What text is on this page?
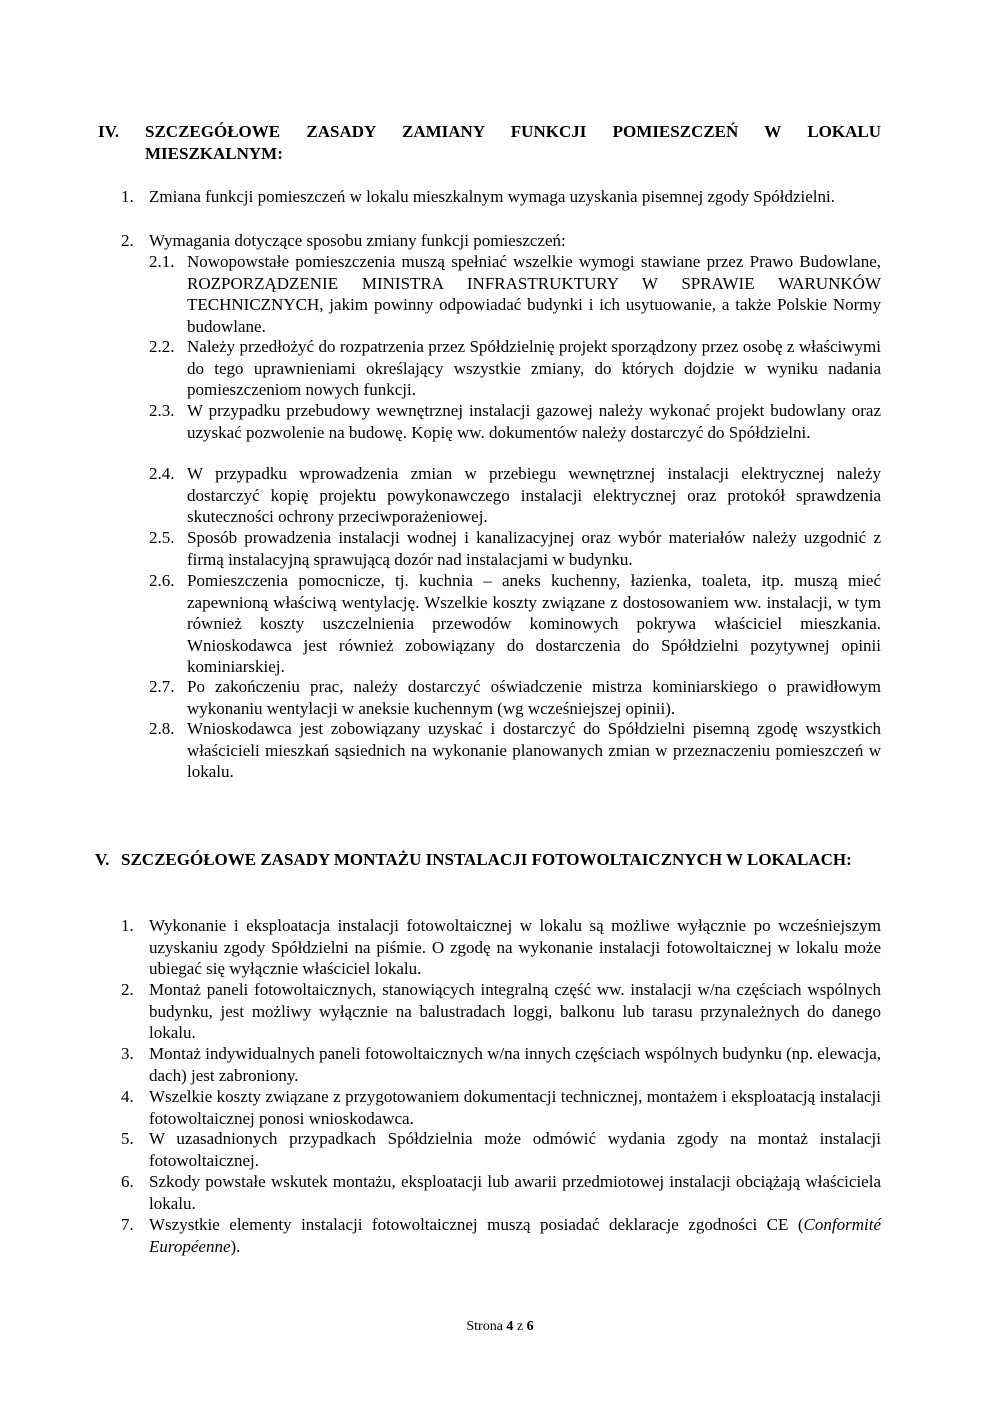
IV. SZCZEGÓŁOWE ZASADY ZAMIANY FUNKCJI POMIESZCZEŃ W LOKALU MIESZKALNYM:
1. Zmiana funkcji pomieszczeń w lokalu mieszkalnym wymaga uzyskania pisemnej zgody Spółdzielni.
2. Wymagania dotyczące sposobu zmiany funkcji pomieszczeń:
2.1. Nowopowstałe pomieszczenia muszą spełniać wszelkie wymogi stawiane przez Prawo Budowlane, ROZPORZĄDZENIE MINISTRA INFRASTRUKTURY W SPRAWIE WARUNKÓW TECHNICZNYCH, jakim powinny odpowiadać budynki i ich usytuowanie, a także Polskie Normy budowlane.
2.2. Należy przedłożyć do rozpatrzenia przez Spółdzielnię projekt sporządzony przez osobę z właściwymi do tego uprawnieniami określający wszystkie zmiany, do których dojdzie w wyniku nadania pomieszczeniom nowych funkcji.
2.3. W przypadku przebudowy wewnętrznej instalacji gazowej należy wykonać projekt budowlany oraz uzyskać pozwolenie na budowę. Kopię ww. dokumentów należy dostarczyć do Spółdzielni.
2.4. W przypadku wprowadzenia zmian w przebiegu wewnętrznej instalacji elektrycznej należy dostarczyć kopię projektu powykonawczego instalacji elektrycznej oraz protokół sprawdzenia skuteczności ochrony przeciwporażeniowej.
2.5. Sposób prowadzenia instalacji wodnej i kanalizacyjnej oraz wybór materiałów należy uzgodnić z firmą instalacyjną sprawującą dozór nad instalacjami w budynku.
2.6. Pomieszczenia pomocnicze, tj. kuchnia – aneks kuchenny, łazienka, toaleta, itp. muszą mieć zapewnioną właściwą wentylację. Wszelkie koszty związane z dostosowaniem ww. instalacji, w tym również koszty uszczelnienia przewodów kominowych pokrywa właściciel mieszkania. Wnioskodawca jest również zobowiązany do dostarczenia do Spółdzielni pozytywnej opinii kominiarskiej.
2.7. Po zakończeniu prac, należy dostarczyć oświadczenie mistrza kominiarskiego o prawidłowym wykonaniu wentylacji w aneksie kuchennym (wg wcześniejszej opinii).
2.8. Wnioskodawca jest zobowiązany uzyskać i dostarczyć do Spółdzielni pisemną zgodę wszystkich właścicieli mieszkań sąsiednich na wykonanie planowanych zmian w przeznaczeniu pomieszczeń w lokalu.
V. SZCZEGÓŁOWE ZASADY MONTAŻU INSTALACJI FOTOWOLTAICZNYCH W LOKALACH:
1. Wykonanie i eksploatacja instalacji fotowoltaicznej w lokalu są możliwe wyłącznie po wcześniejszym uzyskaniu zgody Spółdzielni na piśmie. O zgodę na wykonanie instalacji fotowoltaicznej w lokalu może ubiegać się wyłącznie właściciel lokalu.
2. Montaż paneli fotowoltaicznych, stanowiących integralną część ww. instalacji w/na częściach wspólnych budynku, jest możliwy wyłącznie na balustradach loggi, balkonu lub tarasu przynależnych do danego lokalu.
3. Montaż indywidualnych paneli fotowoltaicznych w/na innych częściach wspólnych budynku (np. elewacja, dach) jest zabroniony.
4. Wszelkie koszty związane z przygotowaniem dokumentacji technicznej, montażem i eksploatacją instalacji fotowoltaicznej ponosi wnioskodawca.
5. W uzasadnionych przypadkach Spółdzielnia może odmówić wydania zgody na montaż instalacji fotowoltaicznej.
6. Szkody powstałe wskutek montażu, eksploatacji lub awarii przedmiotowej instalacji obciążają właściciela lokalu.
7. Wszystkie elementy instalacji fotowoltaicznej muszą posiadać deklaracje zgodności CE (Conformité Européenne).
Strona 4 z 6
